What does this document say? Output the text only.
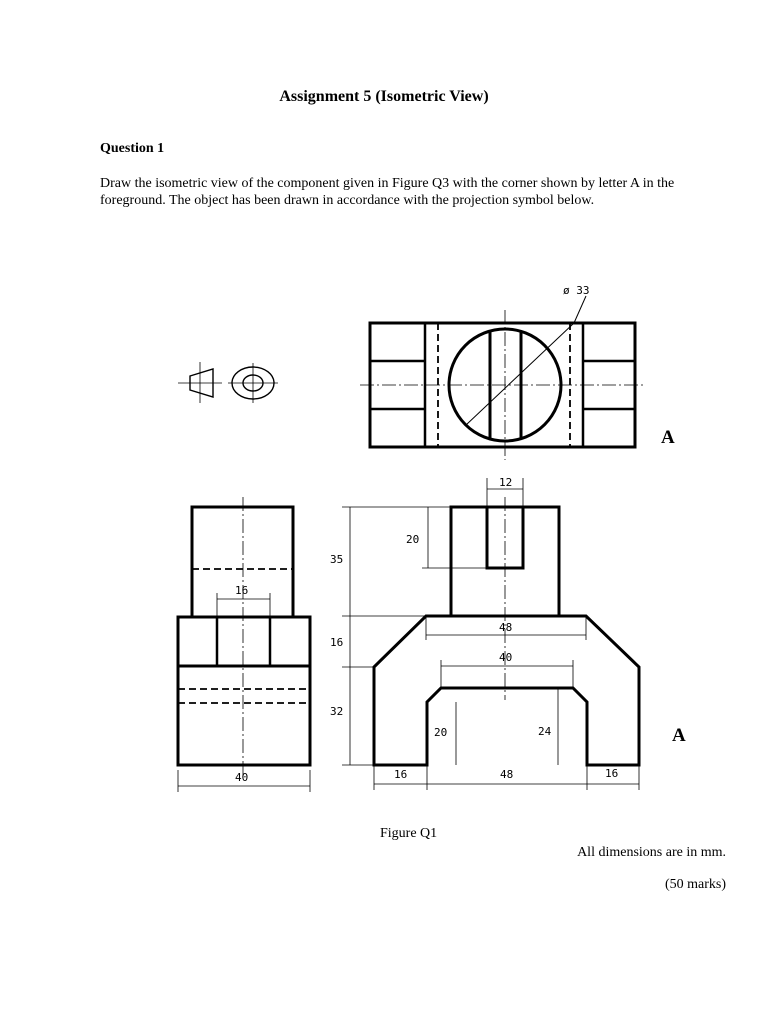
Assignment 5 (Isometric View)
Question 1
Draw the isometric view of the component given in Figure Q3 with the corner shown by letter A in the foreground. The object has been drawn in accordance with the projection symbol below.
ø 33
12
20
35
16
32
48
40
20	24
16	48	16
16
40
A
A
Figure Q1
All dimensions are in mm.
(50 marks)
